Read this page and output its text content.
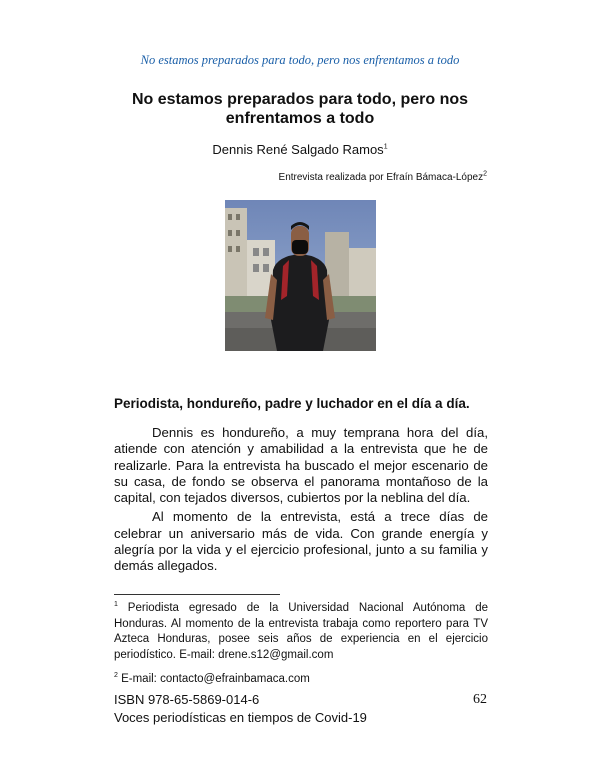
No estamos preparados para todo, pero nos enfrentamos a todo
No estamos preparados para todo, pero nos enfrentamos a todo
Dennis René Salgado Ramos$^1$
Entrevista realizada por Efraín Bámaca-López$^2$
Periodista, hondureño, padre y luchador en el día a día.

Dennis es hondureño, a muy temprana hora del día, atiende con atención y amabilidad a la entrevista que he de realizarle. Para la entrevista ha buscado el mejor escenario de su casa, de fondo se observa el panorama montañoso de la capital, con tejados diversos, cubiertos por la neblina del día.

Al momento de la entrevista, está a trece días de celebrar un aniversario más de vida. Con grande energía y alegría por la vida y el ejercicio profesional, junto a su familia y demás allegados.

$^1$ Periodista egresado de la Universidad Nacional Autónoma de Honduras. Al momento de la entrevista trabaja como reportero para TV Azteca Honduras, posee seis años de experiencia en el ejercicio periodístico. E-mail: drene.s12@gmail.com
$^2$ E-mail: contacto@efrainbamaca.com
ISBN 978-65-5869-014-6	62
Voces periodísticas en tiempos de Covid-19
